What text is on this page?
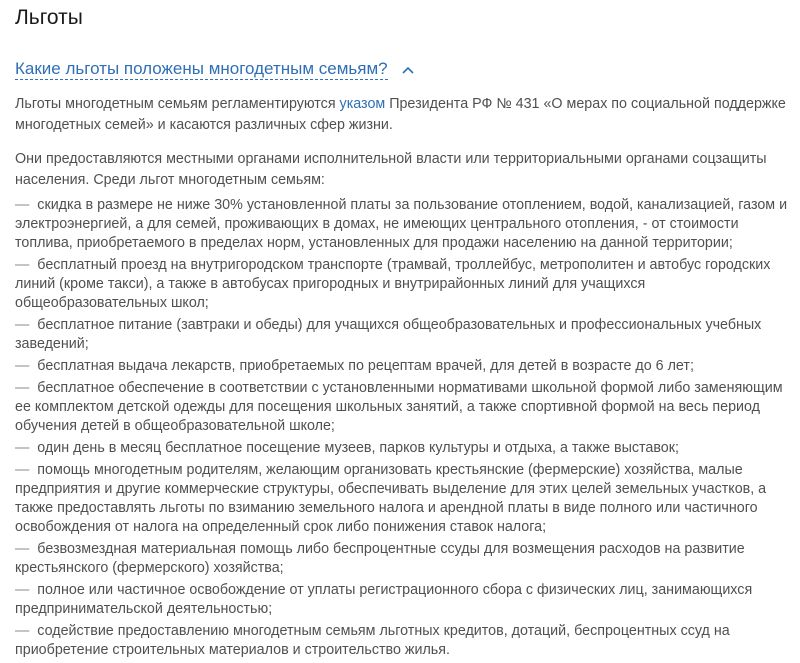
Льготы
Какие льготы положены многодетным семьям?

Льготы многодетным семьям регламентируются указом Президента РФ № 431 «О мерах по социальной поддержке многодетных семей» и касаются различных сфер жизни.

Они предоставляются местными органами исполнительной власти или территориальными органами соцзащиты населения. Среди льгот многодетным семьям:

— скидка в размере не ниже 30% установленной платы за пользование отоплением, водой, канализацией, газом и электроэнергией, а для семей, проживающих в домах, не имеющих центрального отопления, - от стоимости топлива, приобретаемого в пределах норм, установленных для продажи населению на данной территории;
— бесплатный проезд на внутригородском транспорте (трамвай, троллейбус, метрополитен и автобус городских линий (кроме такси), а также в автобусах пригородных и внутрирайонных линий для учащихся общеобразовательных школ;
— бесплатное питание (завтраки и обеды) для учащихся общеобразовательных и профессиональных учебных заведений;
— бесплатная выдача лекарств, приобретаемых по рецептам врачей, для детей в возрасте до 6 лет;
— бесплатное обеспечение в соответствии с установленными нормативами школьной формой либо заменяющим ее комплектом детской одежды для посещения школьных занятий, а также спортивной формой на весь период обучения детей в общеобразовательной школе;
— один день в месяц бесплатное посещение музеев, парков культуры и отдыха, а также выставок;
— помощь многодетным родителям, желающим организовать крестьянские (фермерские) хозяйства, малые предприятия и другие коммерческие структуры, обеспечивать выделение для этих целей земельных участков, а также предоставлять льготы по взиманию земельного налога и арендной платы в виде полного или частичного освобождения от налога на определенный срок либо понижения ставок налога;
— безвозмездная материальная помощь либо беспроцентные ссуды для возмещения расходов на развитие крестьянского (фермерского) хозяйства;
— полное или частичное освобождение от уплаты регистрационного сбора с физических лиц, занимающихся предпринимательской деятельностью;
— содействие предоставлению многодетным семьям льготных кредитов, дотаций, беспроцентных ссуд на приобретение строительных материалов и строительство жилья.
